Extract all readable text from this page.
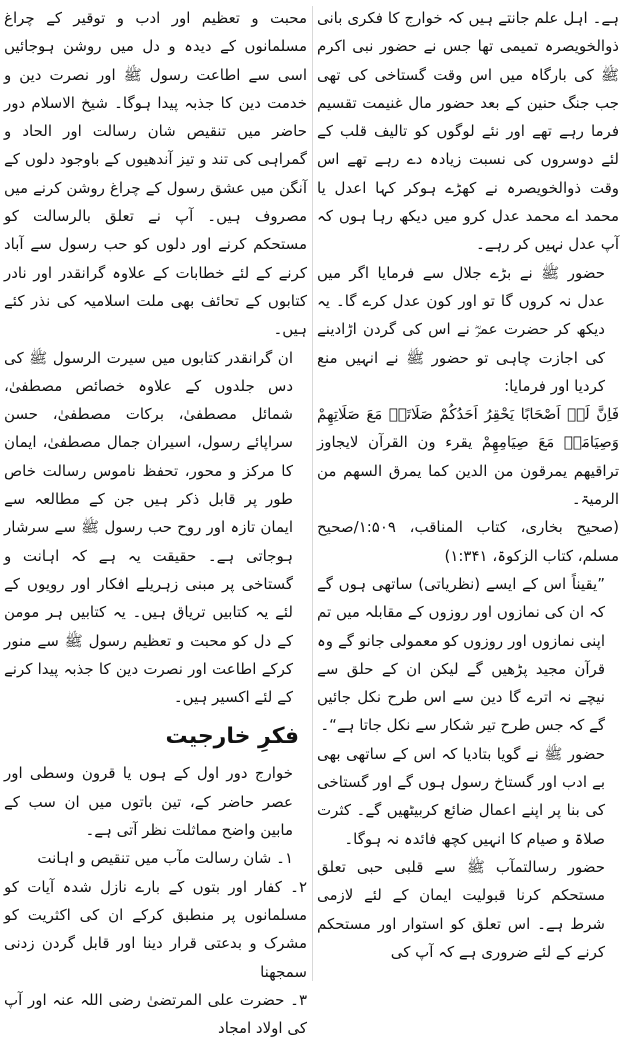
ہے۔ اہل علم جانتے ہیں کہ خوارج کا فکری بانی ذوالخویصرہ تمیمی تھا جس نے حضور نبی اکرم ﷺ کی بارگاہ میں اس وقت گستاخی کی تھی جب جنگ حنین کے بعد حضور مال غنیمت تقسیم فرما رہے تھے اور نئے لوگوں کو تالیف قلب کے لئے دوسروں کی نسبت زیادہ دے رہے تھے اس وقت ذوالخویصرہ نے کھڑے ہوکر کہا اعدل یا محمد اے محمد عدل کرو میں دیکھ رہا ہوں کہ آپ عدل نہیں کر رہے۔

حضور ﷺ نے بڑے جلال سے فرمایا اگر میں عدل نہ کروں گا تو اور کون عدل کرے گا۔ یہ دیکھ کر حضرت عمرؓ نے اس کی گردن اڑادینے کی اجازت چاہی تو حضور ﷺ نے انہیں منع کردیا اور فرمایا:

فَاِنَّ لَہٗ اَصْحَابًا یَحْقِرُ اَحَدُکُمْ صَلَاتَہٗ مَعَ صَلَاتِھِمْ وَصِیَامَہٗ مَعَ صِیَامِھِمْ یقرء ون القرآن لایجاوز تراقیھم یمرقون من الدین کما یمرق السھم من الرمیۃ۔

(صحیح بخاری، کتاب المناقب، ۱:۵۰۹/صحیح مسلم، کتاب الزکوۃ، ۱:۳۴۱)

”یقیناً اس کے ایسے (نظریاتی) ساتھی ہوں گے کہ ان کی نمازوں اور روزوں کے مقابلہ میں تم اپنی نمازوں اور روزوں کو معمولی جانو گے وہ قرآن مجید پڑھیں گے لیکن ان کے حلق سے نیچے نہ اترے گا دین سے اس طرح نکل جائیں گے کہ جس طرح تیر شکار سے نکل جاتا ہے“۔

حضور ﷺ نے گویا بتادیا کہ اس کے ساتھی بھی بے ادب اور گستاخ رسول ہوں گے اور گستاخی کی بنا پر اپنے اعمال ضائع کربیٹھیں گے۔ کثرت صلاۃ و صیام کا انہیں کچھ فائدہ نہ ہوگا۔

حضور رسالتمآب ﷺ سے قلبی حبی تعلق مستحکم کرنا قبولیت ایمان کے لئے لازمی شرط ہے۔ اس تعلق کو استوار اور مستحکم کرنے کے لئے ضروری ہے کہ آپ کی

محبت و تعظیم اور ادب و توقیر کے چراغ مسلمانوں کے دیدہ و دل میں روشن ہوجائیں اسی سے اطاعت رسول ﷺ اور نصرت دین و خدمت دین کا جذبہ پیدا ہوگا۔ شیخ الاسلام دور حاضر میں تنقیص شان رسالت اور الحاد و گمراہی کی تند و تیز آندھیوں کے باوجود دلوں کے آنگن میں عشق رسول کے چراغ روشن کرنے میں مصروف ہیں۔ آپ نے تعلق بالرسالت کو مستحکم کرنے اور دلوں کو حب رسول سے آباد کرنے کے لئے خطابات کے علاوہ گرانقدر اور نادر کتابوں کے تحائف بھی ملت اسلامیہ کی نذر کئے ہیں۔

ان گرانقدر کتابوں میں سیرت الرسول ﷺ کی دس جلدوں کے علاوہ خصائص مصطفیٰ، شمائل مصطفیٰ، برکات مصطفیٰ، حسن سراپائے رسول، اسیران جمال مصطفیٰ، ایمان کا مرکز و محور، تحفظ ناموس رسالت خاص طور پر قابل ذکر ہیں جن کے مطالعہ سے ایمان تازہ اور روح حب رسول ﷺ سے سرشار ہوجاتی ہے۔ حقیقت یہ ہے کہ اہانت و گستاخی پر مبنی زہریلے افکار اور رویوں کے لئے یہ کتابیں تریاق ہیں۔ یہ کتابیں ہر مومن کے دل کو محبت و تعظیم رسول ﷺ سے منور کرکے اطاعت اور نصرت دین کا جذبہ پیدا کرنے کے لئے اکسیر ہیں۔

فکرِ خارجیت

خوارج دور اول کے ہوں یا قرون وسطی اور عصر حاضر کے، تین باتوں میں ان سب کے مابین واضح مماثلت نظر آتی ہے۔

۱۔ شان رسالت مآب میں تنقیص و اہانت

۲۔ کفار اور بتوں کے بارے نازل شدہ آیات کو مسلمانوں پر منطبق کرکے ان کی اکثریت کو مشرک و بدعتی قرار دینا اور قابل گردن زدنی سمجھنا

۳۔ حضرت علی المرتضیٰ رضی اللہ عنہ اور آپ کی اولاد امجاد
